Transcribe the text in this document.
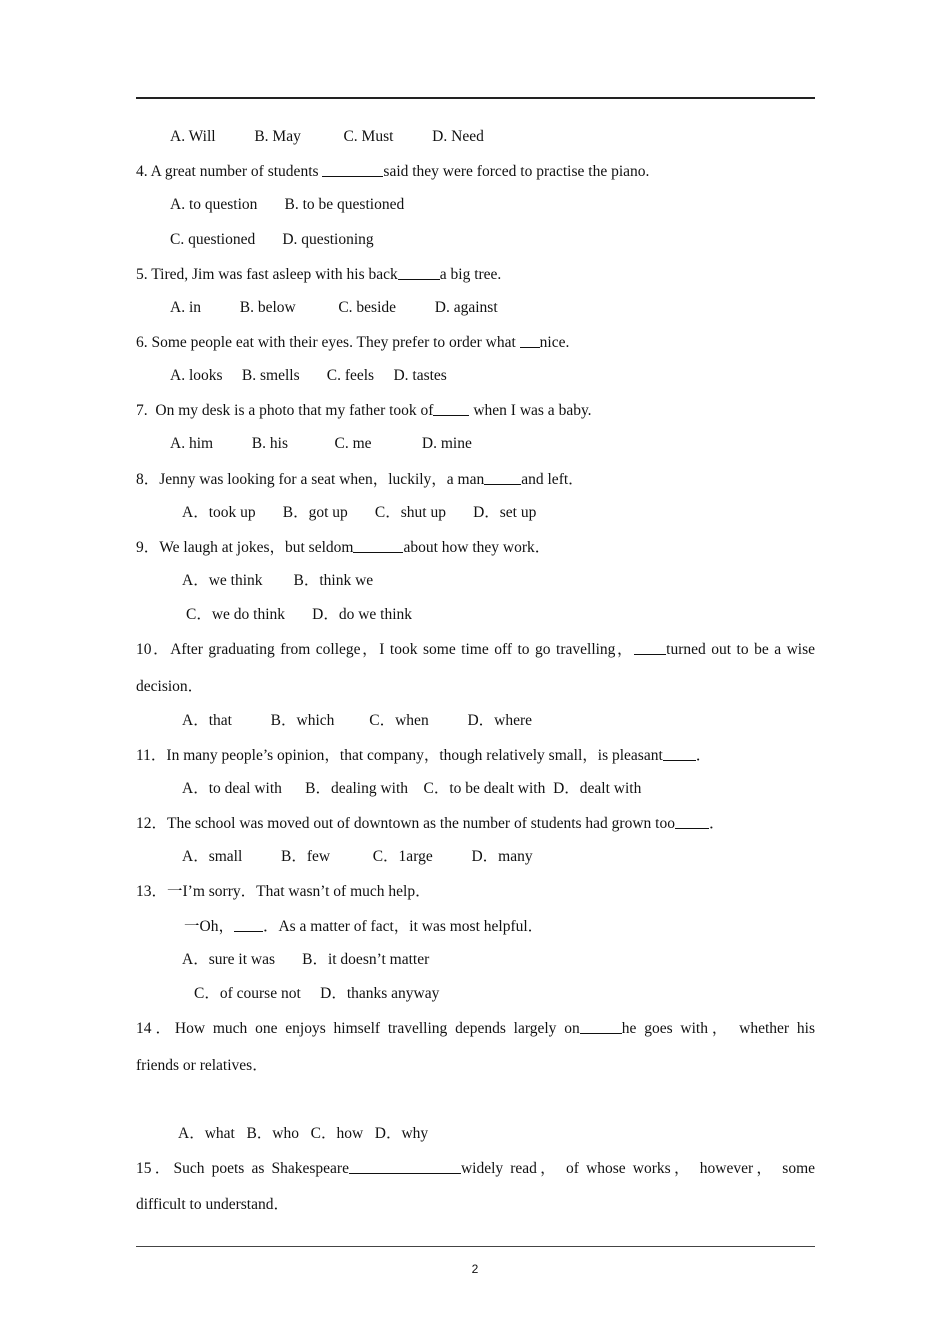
A. Will          B. May           C. Must          D. Need
4. A great number of students	said they were forced to practise the piano.
A. to question       B. to be questioned
C. questioned       D. questioning
5. Tired, Jim was fast asleep with his back	a big tree.
A. in          B. below           C. beside          D. against
6. Some people eat with their eyes. They prefer to order what nice.
A. looks     B. smells       C. feels     D. tastes
7.  On my desk is a photo that my father took of when I was a baby.
A. him          B. his            C. me             D. mine
8．Jenny was looking for a seat when，luckily，a man and left．
A．took up       B．got up       C．shut up       D．set up
9．We laugh at jokes，but seldom	about how they work．
A．we think        B．think we
C．we do think       D．do we think
10．After graduating from college，I took some time off to go travelling， turned out to be a wise
decision．
A．that          B．which         C．when          D．where
11．In many people’s opinion，that company，though relatively small，is pleasant ．
A．to deal with      B．dealing with    C．to be dealt with  D．dealt with
12．The school was moved out of downtown as the number of students had grown too ．
A．small          B．few           C．1arge          D．many
13．一I’m sorry．That wasn’t of much help．
一Oh， ．As a matter of fact，it was most helpful．
A．sure it was       B．it doesn’t matter
C．of course not     D．thanks anyway
14．How much one enjoys himself travelling depends largely on	he goes with， whether his
friends or relatives．
A．what   B．who   C．how   D．why
15．Such poets as Shakespeare	widely read， of whose works， however， some
difficult to understand．
2
